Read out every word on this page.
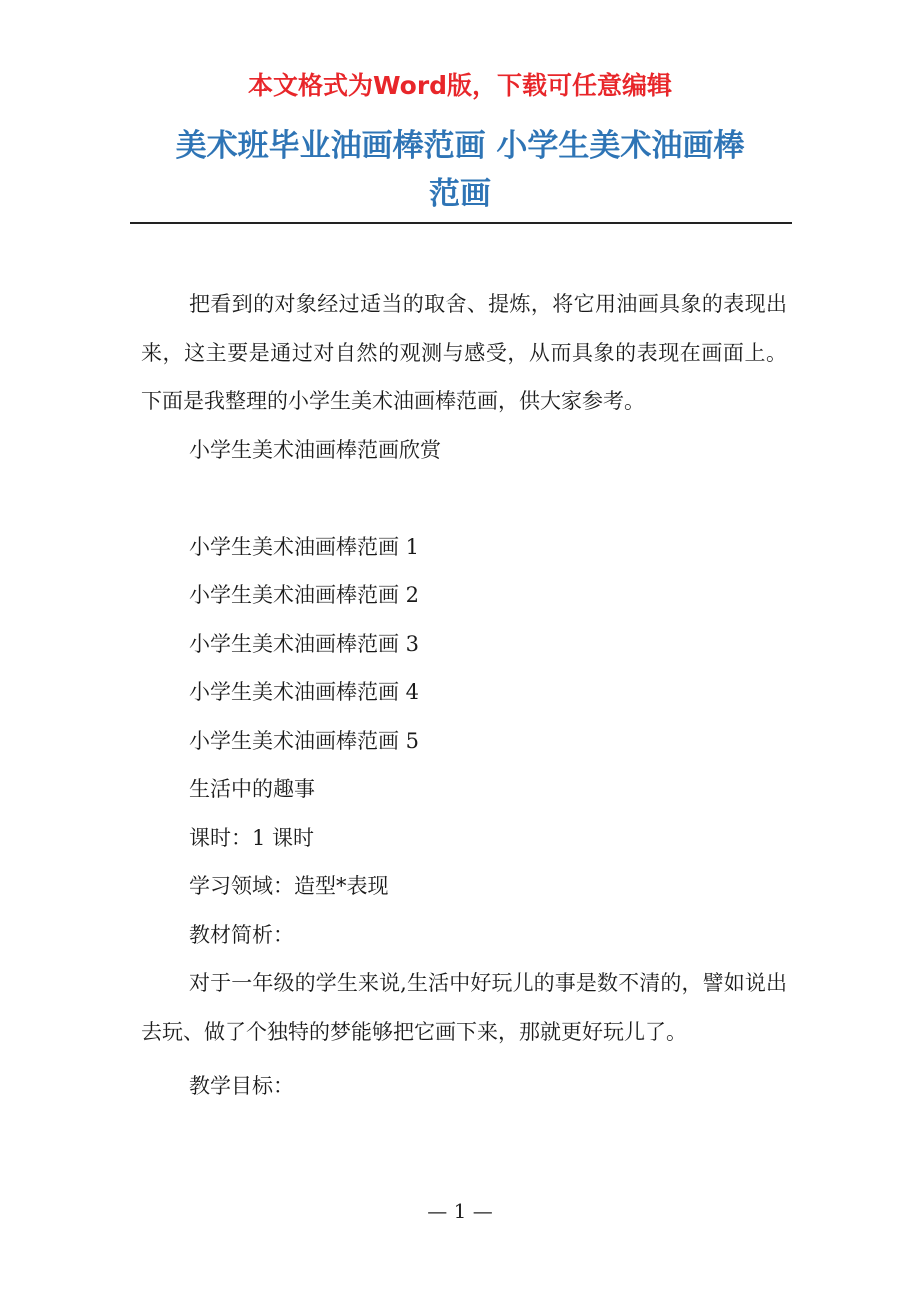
本文格式为Word版，下载可任意编辑
美术班毕业油画棒范画 小学生美术油画棒
范画

把看到的对象经过适当的取舍、提炼，将它用油画具象的表现出来，这主要是通过对自然的观测与感受，从而具象的表现在画面上。下面是我整理的小学生美术油画棒范画，供大家参考。

小学生美术油画棒范画欣赏

小学生美术油画棒范画 1

小学生美术油画棒范画 2

小学生美术油画棒范画 3

小学生美术油画棒范画 4

小学生美术油画棒范画 5

生活中的趣事

课时：1 课时

学习领域：造型*表现

教材简析：

对于一年级的学生来说,生活中好玩儿的事是数不清的，譬如说出去玩、做了个独特的梦能够把它画下来，那就更好玩儿了。

教学目标：

— 1 —
